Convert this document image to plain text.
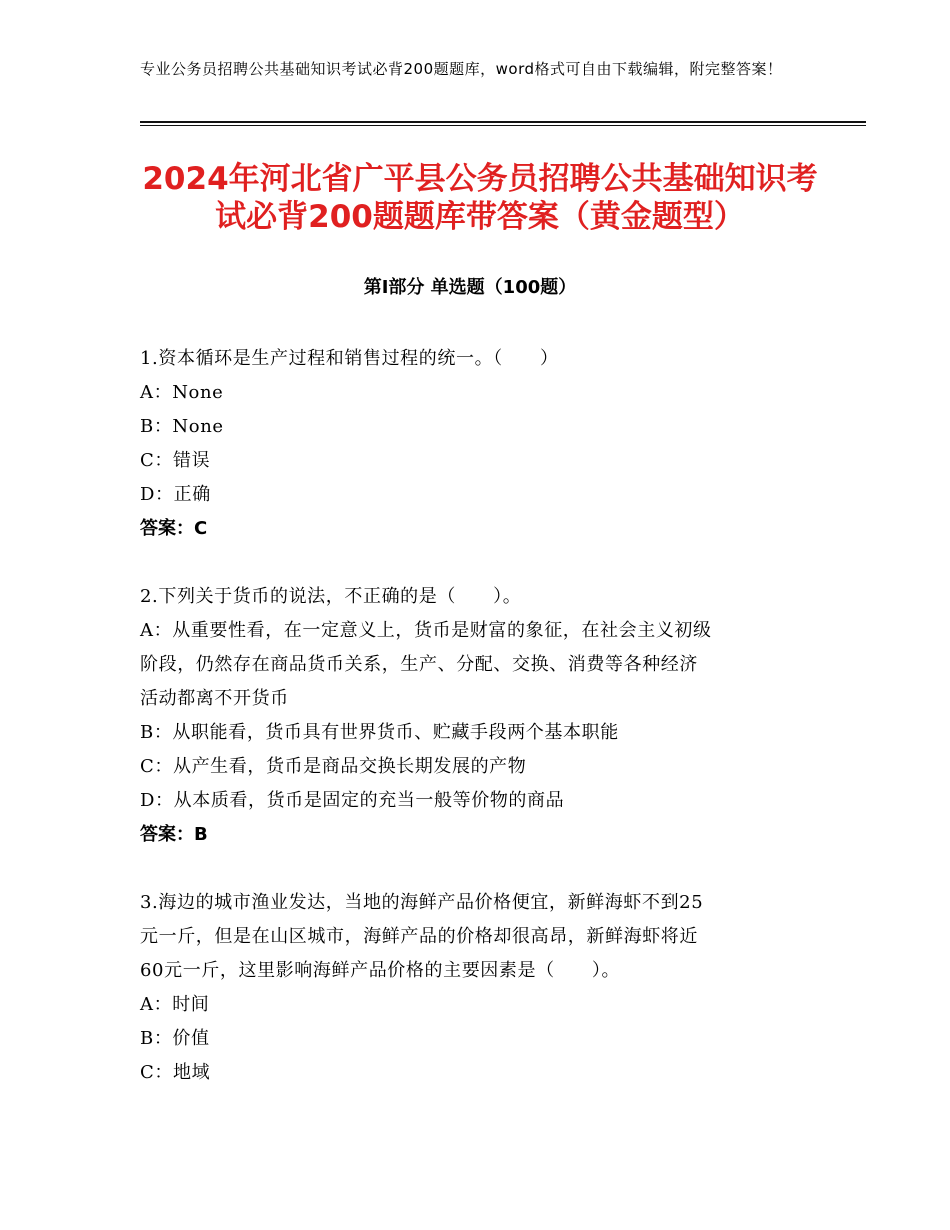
专业公务员招聘公共基础知识考试必背200题题库，word格式可自由下载编辑，附完整答案！
2024年河北省广平县公务员招聘公共基础知识考试必背200题题库带答案（黄金题型）
第I部分 单选题（100题）
1.资本循环是生产过程和销售过程的统一。（　　）
A：None
B：None
C：错误
D：正确
答案：C
2.下列关于货币的说法，不正确的是（　　）。
A：从重要性看，在一定意义上，货币是财富的象征，在社会主义初级
阶段，仍然存在商品货币关系，生产、分配、交换、消费等各种经济
活动都离不开货币
B：从职能看，货币具有世界货币、贮藏手段两个基本职能
C：从产生看，货币是商品交换长期发展的产物
D：从本质看，货币是固定的充当一般等价物的商品
答案：B
3.海边的城市渔业发达，当地的海鲜产品价格便宜，新鲜海虾不到25
元一斤，但是在山区城市，海鲜产品的价格却很高昂，新鲜海虾将近
60元一斤，这里影响海鲜产品价格的主要因素是（　　）。
A：时间
B：价值
C：地域
